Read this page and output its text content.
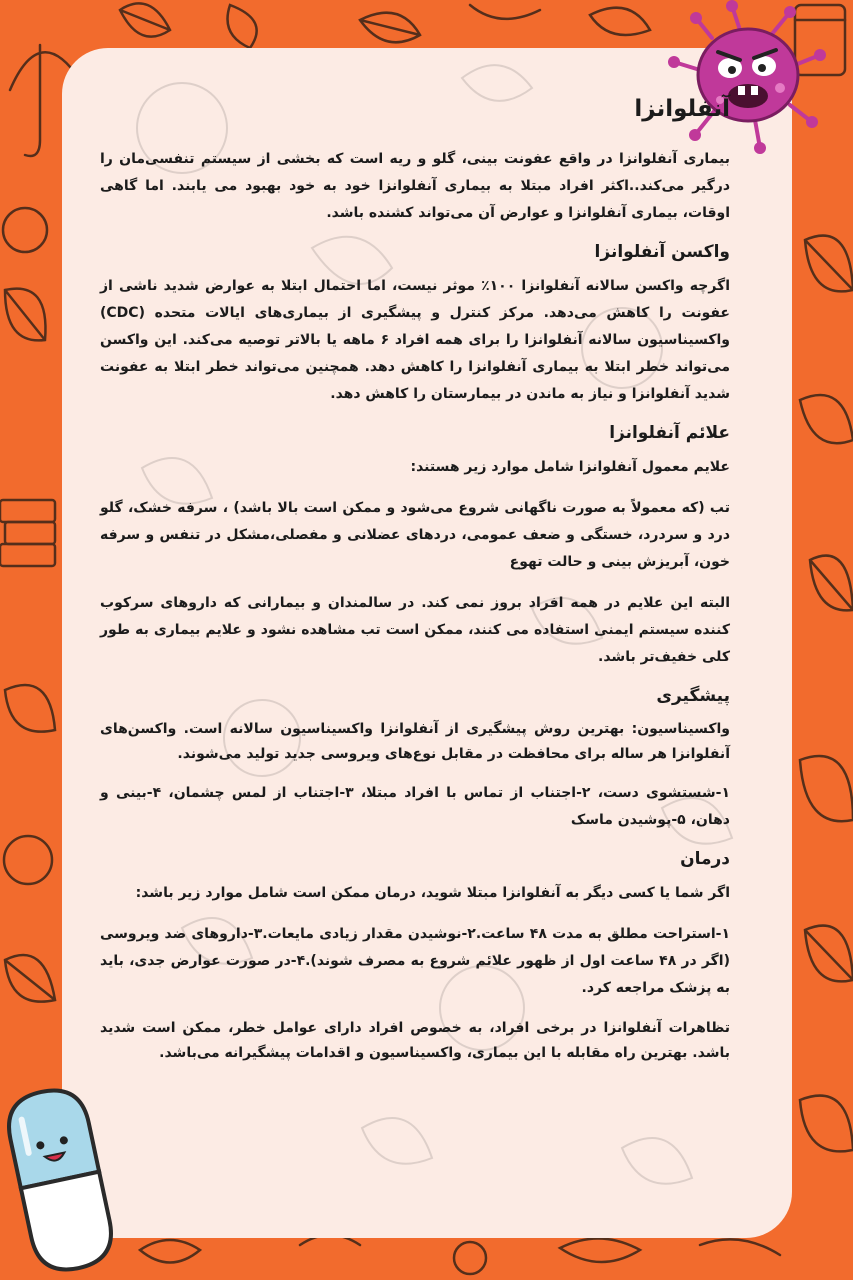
آنفلوانزا

بیماری آنفلوانزا در واقع عفونت بینی، گلو و ریه است که بخشی از سیستم تنفسی‌مان را درگیر می‌کند..اکثر افراد مبتلا به بیماری آنفلوانزا خود به خود بهبود می یابند. اما گاهی اوقات، بیماری آنفلوانزا و عوارض آن می‌تواند کشنده باشد.

واکسن آنفلوانزا

اگرچه واکسن سالانه آنفلوانزا ۱۰۰٪ موثر نیست، اما احتمال ابتلا به عوارض شدید ناشی از عفونت را کاهش می‌دهد. مرکز کنترل و پیشگیری از بیماری‌های ایالات متحده (CDC) واکسیناسیون سالانه آنفلوانزا را برای همه افراد ۶ ماهه یا بالاتر توصیه می‌کند. این واکسن می‌تواند خطر ابتلا به بیماری آنفلوانزا را کاهش دهد. همچنین می‌تواند خطر ابتلا به عفونت شدید آنفلوانزا و نیاز به ماندن در بیمارستان را کاهش دهد.

علائم آنفلوانزا

علایم معمول آنفلوانزا شامل موارد زیر هستند:

تب (که معمولاً به صورت ناگهانی شروع می‌شود و ممکن است بالا باشد) ، سرفه خشک، گلو درد و سردرد، خستگی و ضعف عمومی، دردهای عضلانی و مفصلی،مشکل در تنفس و سرفه خون، آبریزش بینی و حالت تهوع

البته این علایم در همه افراد بروز نمی کند. در سالمندان و بیمارانی که داروهای سرکوب کننده سیستم ایمنی استفاده می کنند، ممکن است تب مشاهده نشود و علایم بیماری به طور کلی خفیف‌تر باشد.

پیشگیری

واکسیناسیون: بهترین روش پیشگیری از آنفلوانزا واکسیناسیون سالانه است. واکسن‌های آنفلوانزا هر ساله برای محافظت در مقابل نوع‌های ویروسی جدید تولید می‌شوند.

۱-شستشوی دست، ۲-اجتناب از تماس با افراد مبتلا، ۳-اجتناب از لمس چشمان، ۴-بینی و دهان، ۵-پوشیدن ماسک

درمان

اگر شما یا کسی دیگر به آنفلوانزا مبتلا شوید، درمان ممکن است شامل موارد زیر باشد:

۱-استراحت مطلق به مدت ۴۸ ساعت.۲-نوشیدن مقدار زیادی مایعات.۳-داروهای ضد ویروسی (اگر در ۴۸ ساعت اول از ظهور علائم شروع به مصرف شوند).۴-در صورت عوارض جدی، باید به پزشک مراجعه کرد.

تظاهرات آنفلوانزا در برخی افراد، به خصوص افراد دارای عوامل خطر، ممکن است شدید باشد. بهترین راه مقابله با این بیماری، واکسیناسیون و اقدامات پیشگیرانه می‌باشد.
